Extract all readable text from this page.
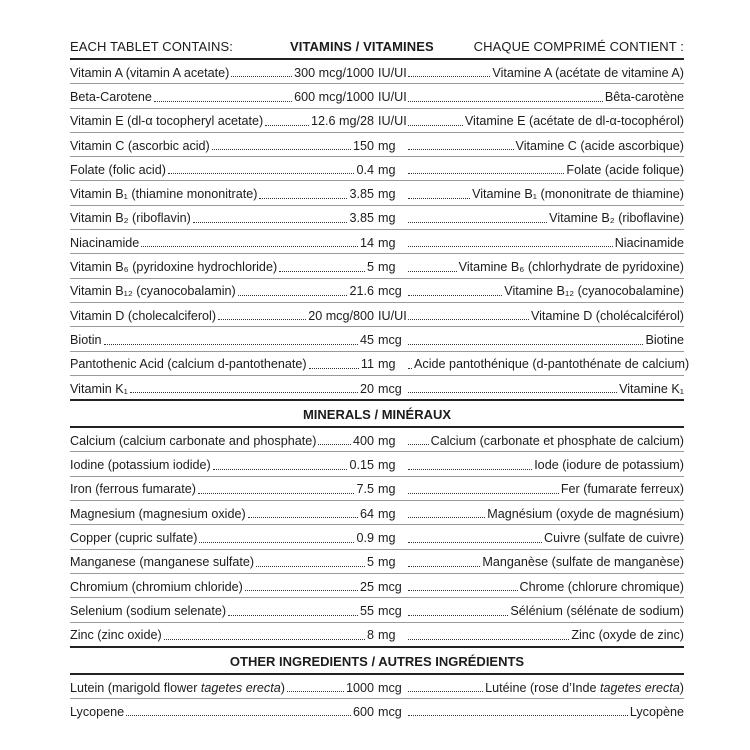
EACH TABLET CONTAINS:	VITAMINS / VITAMINES	CHAQUE COMPRIMÉ CONTIENT :
Vitamin A (vitamin A acetate)	300 mcg/1000 IU/UI	Vitamine A (acétate de vitamine A)
Beta-Carotene	600 mcg/1000 IU/UI	Bêta-carotène
Vitamin E (dl-α tocopheryl acetate)	12.6 mg/28 IU/UI	Vitamine E (acétate de dl-α-tocophérol)
Vitamin C (ascorbic acid)	150 mg	Vitamine C (acide ascorbique)
Folate (folic acid)	0.4 mg	Folate (acide folique)
Vitamin B₁ (thiamine mononitrate)	3.85 mg	Vitamine B₁ (mononitrate de thiamine)
Vitamin B₂ (riboflavin)	3.85 mg	Vitamine B₂ (riboflavine)
Niacinamide	14 mg	Niacinamide
Vitamin B₆ (pyridoxine hydrochloride)	5 mg	Vitamine B₆ (chlorhydrate de pyridoxine)
Vitamin B₁₂ (cyanocobalamin)	21.6 mcg	Vitamine B₁₂ (cyanocobalamine)
Vitamin D (cholecalciferol)	20 mcg/800 IU/UI	Vitamine D (cholécalciférol)
Biotin	45 mcg	Biotine
Pantothenic Acid (calcium d-pantothenate)	11 mg	Acide pantothénique (d-pantothénate de calcium)
Vitamin K₁	20 mcg	Vitamine K₁
MINERALS / MINÉRAUX
Calcium (calcium carbonate and phosphate)	400 mg	Calcium (carbonate et phosphate de calcium)
Iodine (potassium iodide)	0.15 mg	Iode (iodure de potassium)
Iron (ferrous fumarate)	7.5 mg	Fer (fumarate ferreux)
Magnesium (magnesium oxide)	64 mg	Magnésium (oxyde de magnésium)
Copper (cupric sulfate)	0.9 mg	Cuivre (sulfate de cuivre)
Manganese (manganese sulfate)	5 mg	Manganèse (sulfate de manganèse)
Chromium (chromium chloride)	25 mcg	Chrome (chlorure chromique)
Selenium (sodium selenate)	55 mcg	Sélénium (sélénate de sodium)
Zinc (zinc oxide)	8 mg	Zinc (oxyde de zinc)
OTHER INGREDIENTS / AUTRES INGRÉDIENTS
Lutein (marigold flower tagetes erecta)	1000 mcg	Lutéine (rose d’Inde tagetes erecta)
Lycopene	600 mcg	Lycopène
